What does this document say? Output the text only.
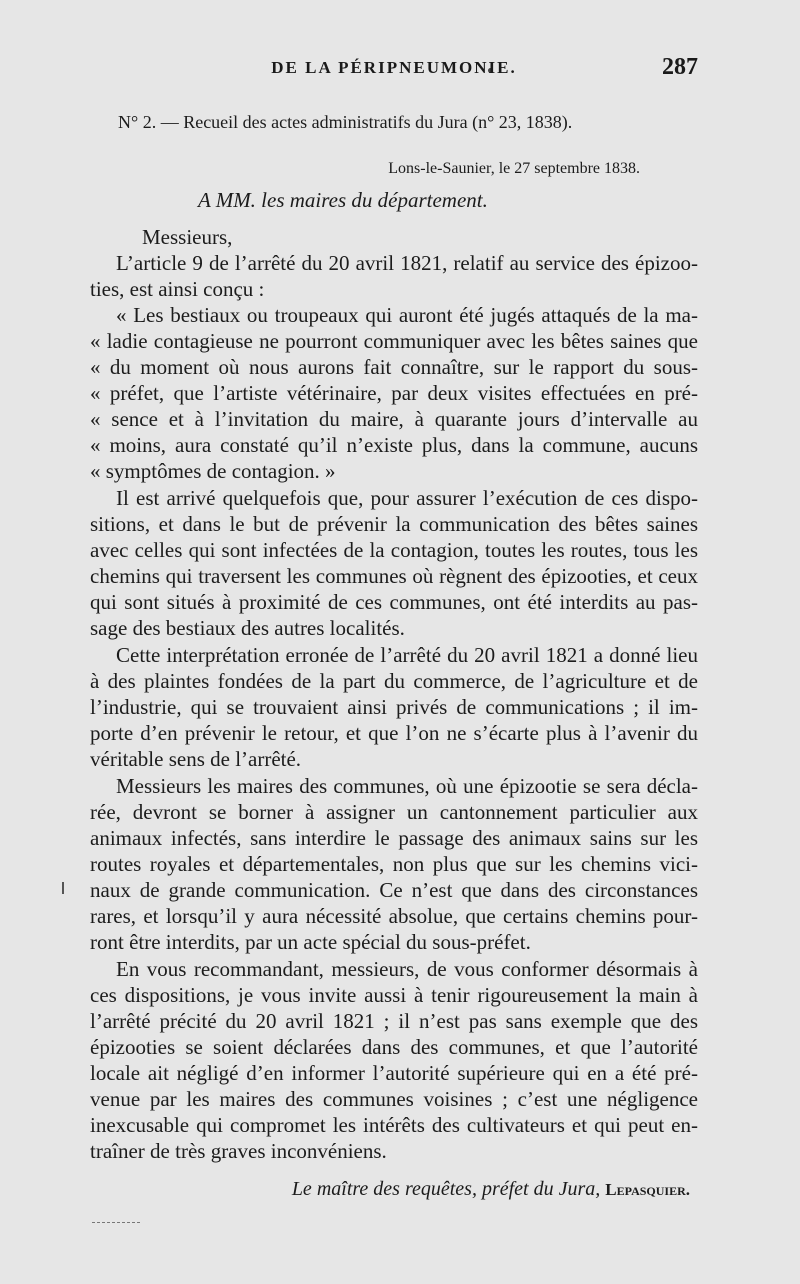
DE LA PÉRIPNEUMONIE.	287
N° 2. — Recueil des actes administratifs du Jura (n° 23, 1838).
Lons-le-Saunier, le 27 septembre 1838.
A MM. les maires du département.
Messieurs,
L’article 9 de l’arrêté du 20 avril 1821, relatif au service des épizoo-
ties, est ainsi conçu :
« Les bestiaux ou troupeaux qui auront été jugés attaqués de la ma-
« ladie contagieuse ne pourront communiquer avec les bêtes saines que
« du moment où nous aurons fait connaître, sur le rapport du sous-
« préfet, que l’artiste vétérinaire, par deux visites effectuées en pré-
« sence et à l’invitation du maire, à quarante jours d’intervalle au
« moins, aura constaté qu’il n’existe plus, dans la commune, aucuns
« symptômes de contagion. »
Il est arrivé quelquefois que, pour assurer l’exécution de ces dispo-
sitions, et dans le but de prévenir la communication des bêtes saines
avec celles qui sont infectées de la contagion, toutes les routes, tous les
chemins qui traversent les communes où règnent des épizooties, et ceux
qui sont situés à proximité de ces communes, ont été interdits au pas-
sage des bestiaux des autres localités.
Cette interprétation erronée de l’arrêté du 20 avril 1821 a donné lieu
à des plaintes fondées de la part du commerce, de l’agriculture et de
l’industrie, qui se trouvaient ainsi privés de communications ; il im-
porte d’en prévenir le retour, et que l’on ne s’écarte plus à l’avenir du
véritable sens de l’arrêté.
Messieurs les maires des communes, où une épizootie se sera décla-
rée, devront se borner à assigner un cantonnement particulier aux
animaux infectés, sans interdire le passage des animaux sains sur les
routes royales et départementales, non plus que sur les chemins vici-
naux de grande communication. Ce n’est que dans des circonstances
rares, et lorsqu’il y aura nécessité absolue, que certains chemins pour-
ront être interdits, par un acte spécial du sous-préfet.
En vous recommandant, messieurs, de vous conformer désormais à
ces dispositions, je vous invite aussi à tenir rigoureusement la main à
l’arrêté précité du 20 avril 1821 ; il n’est pas sans exemple que des
épizooties se soient déclarées dans des communes, et que l’autorité
locale ait négligé d’en informer l’autorité supérieure qui en a été pré-
venue par les maires des communes voisines ; c’est une négligence
inexcusable qui compromet les intérêts des cultivateurs et qui peut en-
traîner de très graves inconvéniens.
Le maître des requêtes, préfet du Jura, Lepasquier.
